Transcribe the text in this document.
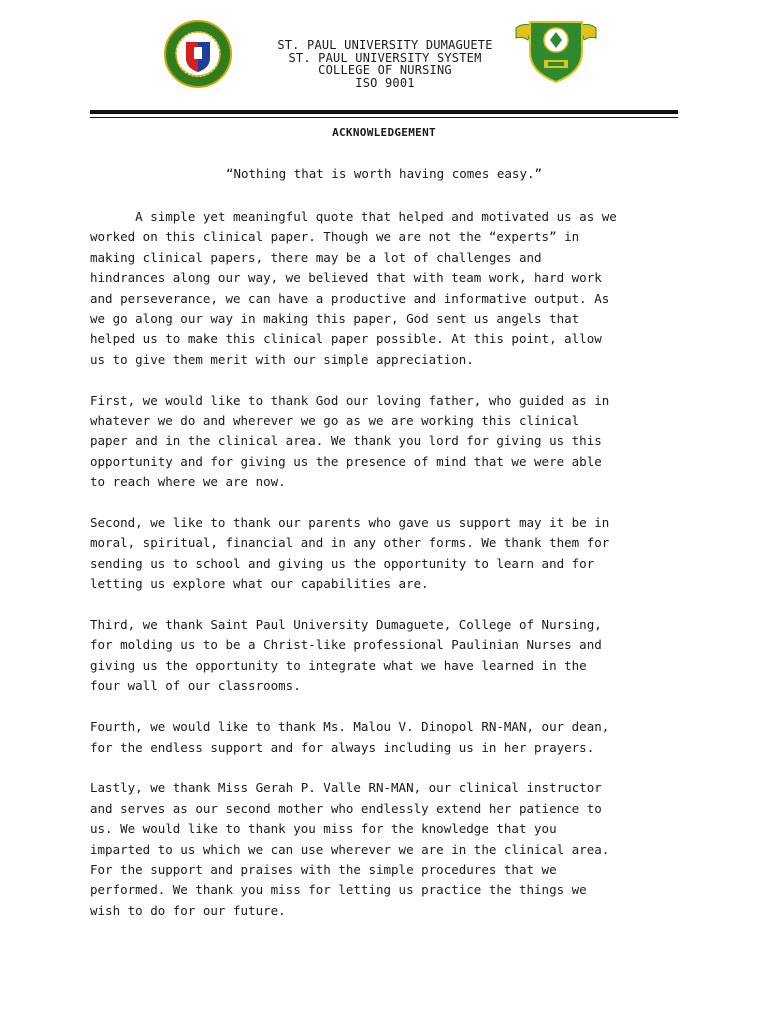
ST. PAUL UNIVERSITY DUMAGUETE
ST. PAUL UNIVERSITY SYSTEM
COLLEGE OF NURSING
ISO 9001
ACKNOWLEDGEMENT
“Nothing that is worth having comes easy.”

A simple yet meaningful quote that helped and motivated us as we
worked on this clinical paper. Though we are not the “experts” in
making clinical papers, there may be a lot of challenges and
hindrances along our way, we believed that with team work, hard work
and perseverance, we can have a productive and informative output. As
we go along our way in making this paper, God sent us angels that
helped us to make this clinical paper possible. At this point, allow
us to give them merit with our simple appreciation.

First, we would like to thank God our loving father, who guided as in
whatever we do and wherever we go as we are working this clinical
paper and in the clinical area. We thank you lord for giving us this
opportunity and for giving us the presence of mind that we were able
to reach where we are now.

Second, we like to thank our parents who gave us support may it be in
moral, spiritual, financial and in any other forms. We thank them for
sending us to school and giving us the opportunity to learn and for
letting us explore what our capabilities are.

Third, we thank Saint Paul University Dumaguete, College of Nursing,
for molding us to be a Christ-like professional Paulinian Nurses and
giving us the opportunity to integrate what we have learned in the
four wall of our classrooms.

Fourth, we would like to thank Ms. Malou V. Dinopol RN-MAN, our dean,
for the endless support and for always including us in her prayers.

Lastly, we thank Miss Gerah P. Valle RN-MAN, our clinical instructor
and serves as our second mother who endlessly extend her patience to
us. We would like to thank you miss for the knowledge that you
imparted to us which we can use wherever we are in the clinical area.
For the support and praises with the simple procedures that we
performed. We thank you miss for letting us practice the things we
wish to do for our future.
